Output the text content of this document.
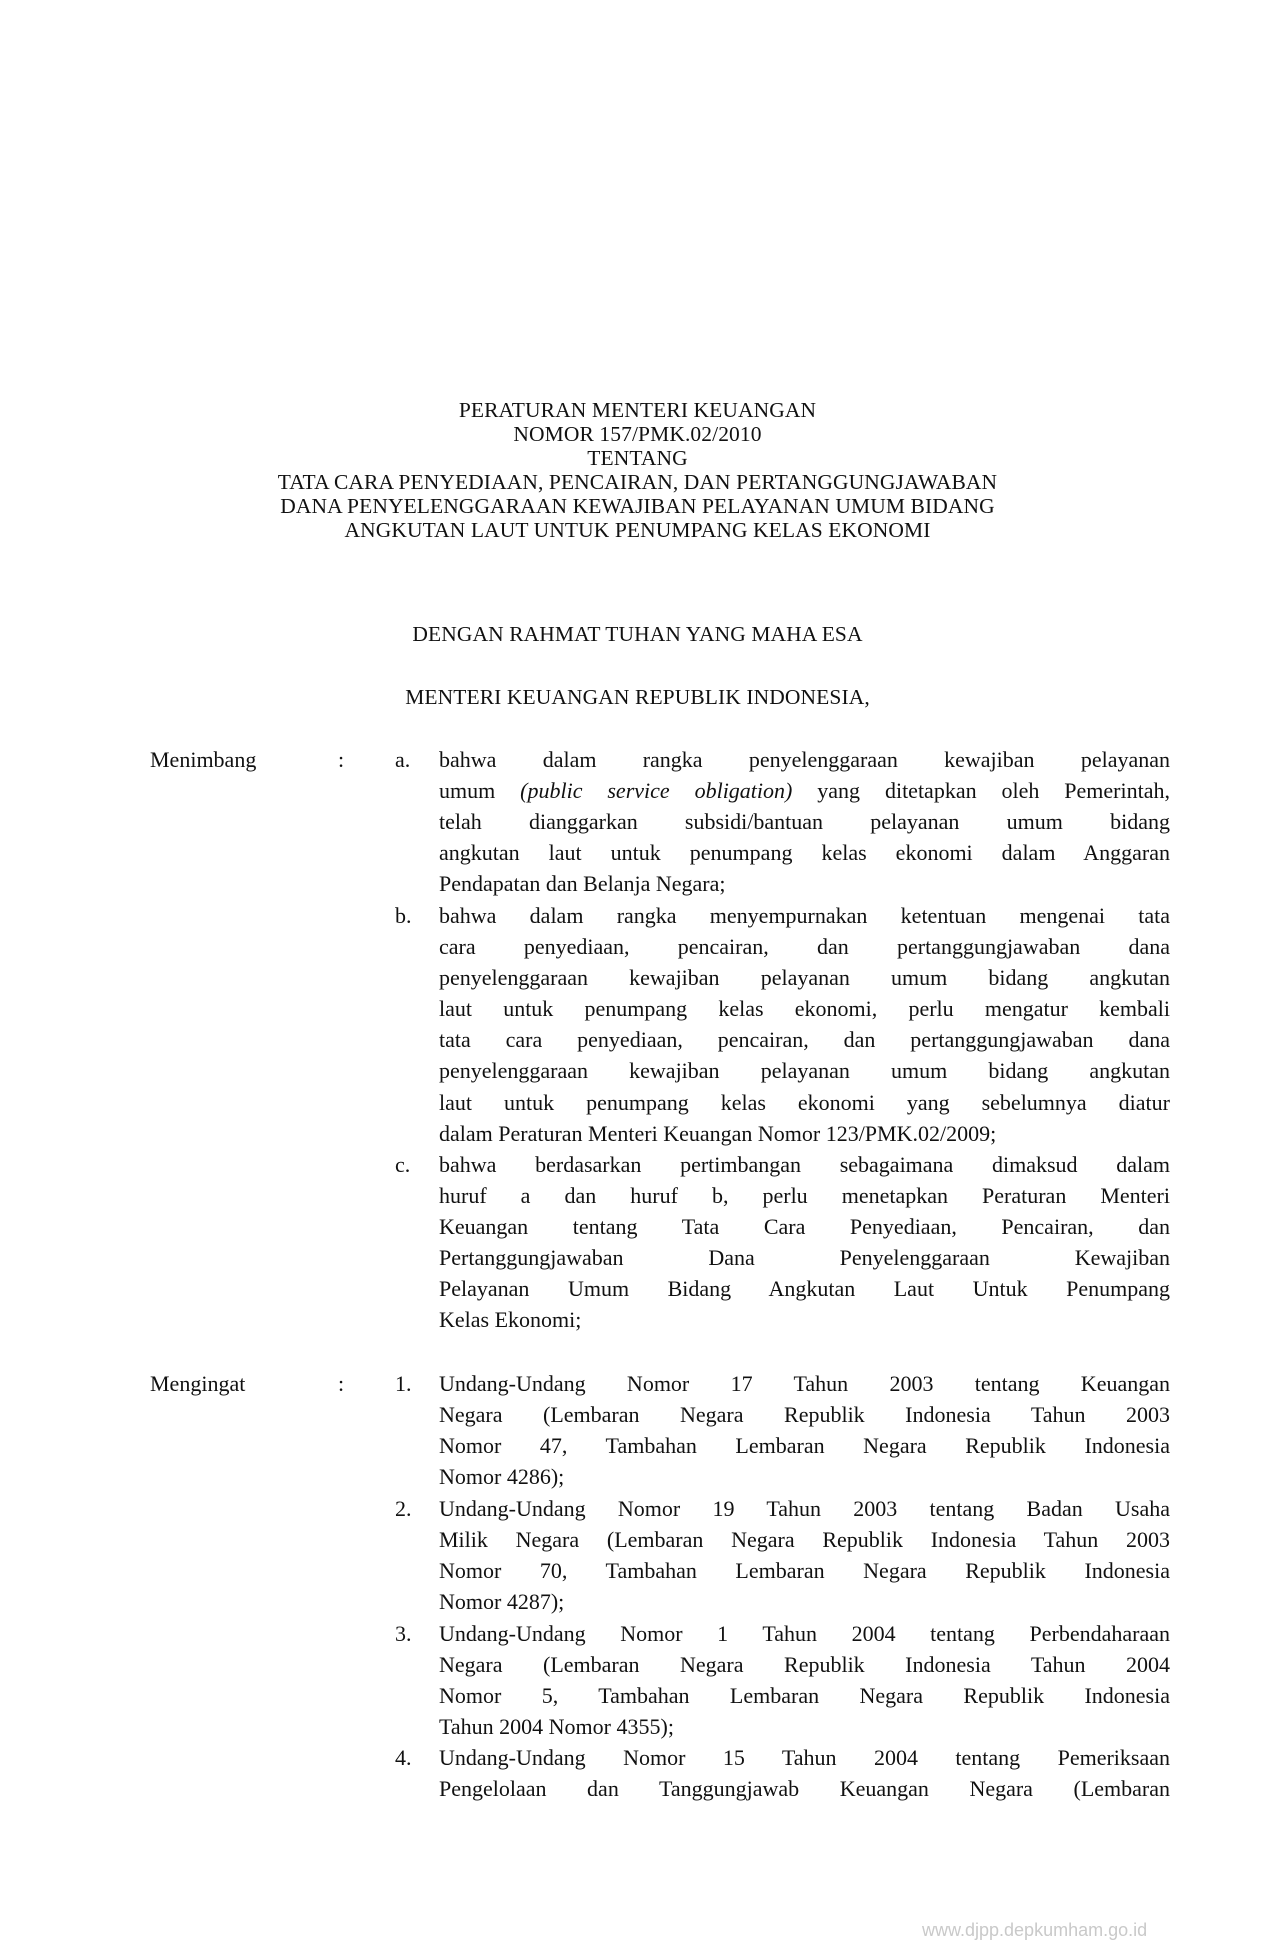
PERATURAN MENTERI KEUANGAN
NOMOR 157/PMK.02/2010
TENTANG
TATA CARA PENYEDIAAN, PENCAIRAN, DAN PERTANGGUNGJAWABAN
DANA PENYELENGGARAAN KEWAJIBAN PELAYANAN UMUM BIDANG
ANGKUTAN LAUT UNTUK PENUMPANG KELAS EKONOMI
DENGAN RAHMAT TUHAN YANG MAHA ESA
MENTERI KEUANGAN REPUBLIK INDONESIA,
Menimbang	: a. bahwa dalam rangka penyelenggaraan kewajiban pelayanan
umum (public service obligation) yang ditetapkan oleh Pemerintah,
telah dianggarkan subsidi/bantuan pelayanan umum bidang
angkutan laut untuk penumpang kelas ekonomi dalam Anggaran
Pendapatan dan Belanja Negara;
b. bahwa dalam rangka menyempurnakan ketentuan mengenai tata
cara penyediaan, pencairan, dan pertanggungjawaban dana
penyelenggaraan kewajiban pelayanan umum bidang angkutan
laut untuk penumpang kelas ekonomi, perlu mengatur kembali
tata cara penyediaan, pencairan, dan pertanggungjawaban dana
penyelenggaraan kewajiban pelayanan umum bidang angkutan
laut untuk penumpang kelas ekonomi yang sebelumnya diatur
dalam Peraturan Menteri Keuangan Nomor 123/PMK.02/2009;
c. bahwa berdasarkan pertimbangan sebagaimana dimaksud dalam
huruf a dan huruf b, perlu menetapkan Peraturan Menteri
Keuangan tentang Tata Cara Penyediaan, Pencairan, dan
Pertanggungjawaban Dana Penyelenggaraan Kewajiban
Pelayanan Umum Bidang Angkutan Laut Untuk Penumpang
Kelas Ekonomi;
Mengingat	: 1. Undang-Undang Nomor 17 Tahun 2003 tentang Keuangan
Negara (Lembaran Negara Republik Indonesia Tahun 2003
Nomor 47, Tambahan Lembaran Negara Republik Indonesia
Nomor 4286);
2. Undang-Undang Nomor 19 Tahun 2003 tentang Badan Usaha
Milik Negara (Lembaran Negara Republik Indonesia Tahun 2003
Nomor 70, Tambahan Lembaran Negara Republik Indonesia
Nomor 4287);
3. Undang-Undang Nomor 1 Tahun 2004 tentang Perbendaharaan
Negara (Lembaran Negara Republik Indonesia Tahun 2004
Nomor 5, Tambahan Lembaran Negara Republik Indonesia
Tahun 2004 Nomor 4355);
4. Undang-Undang Nomor 15 Tahun 2004 tentang Pemeriksaan
Pengelolaan dan Tanggungjawab Keuangan Negara (Lembaran
www.djpp.depkumham.go.id
